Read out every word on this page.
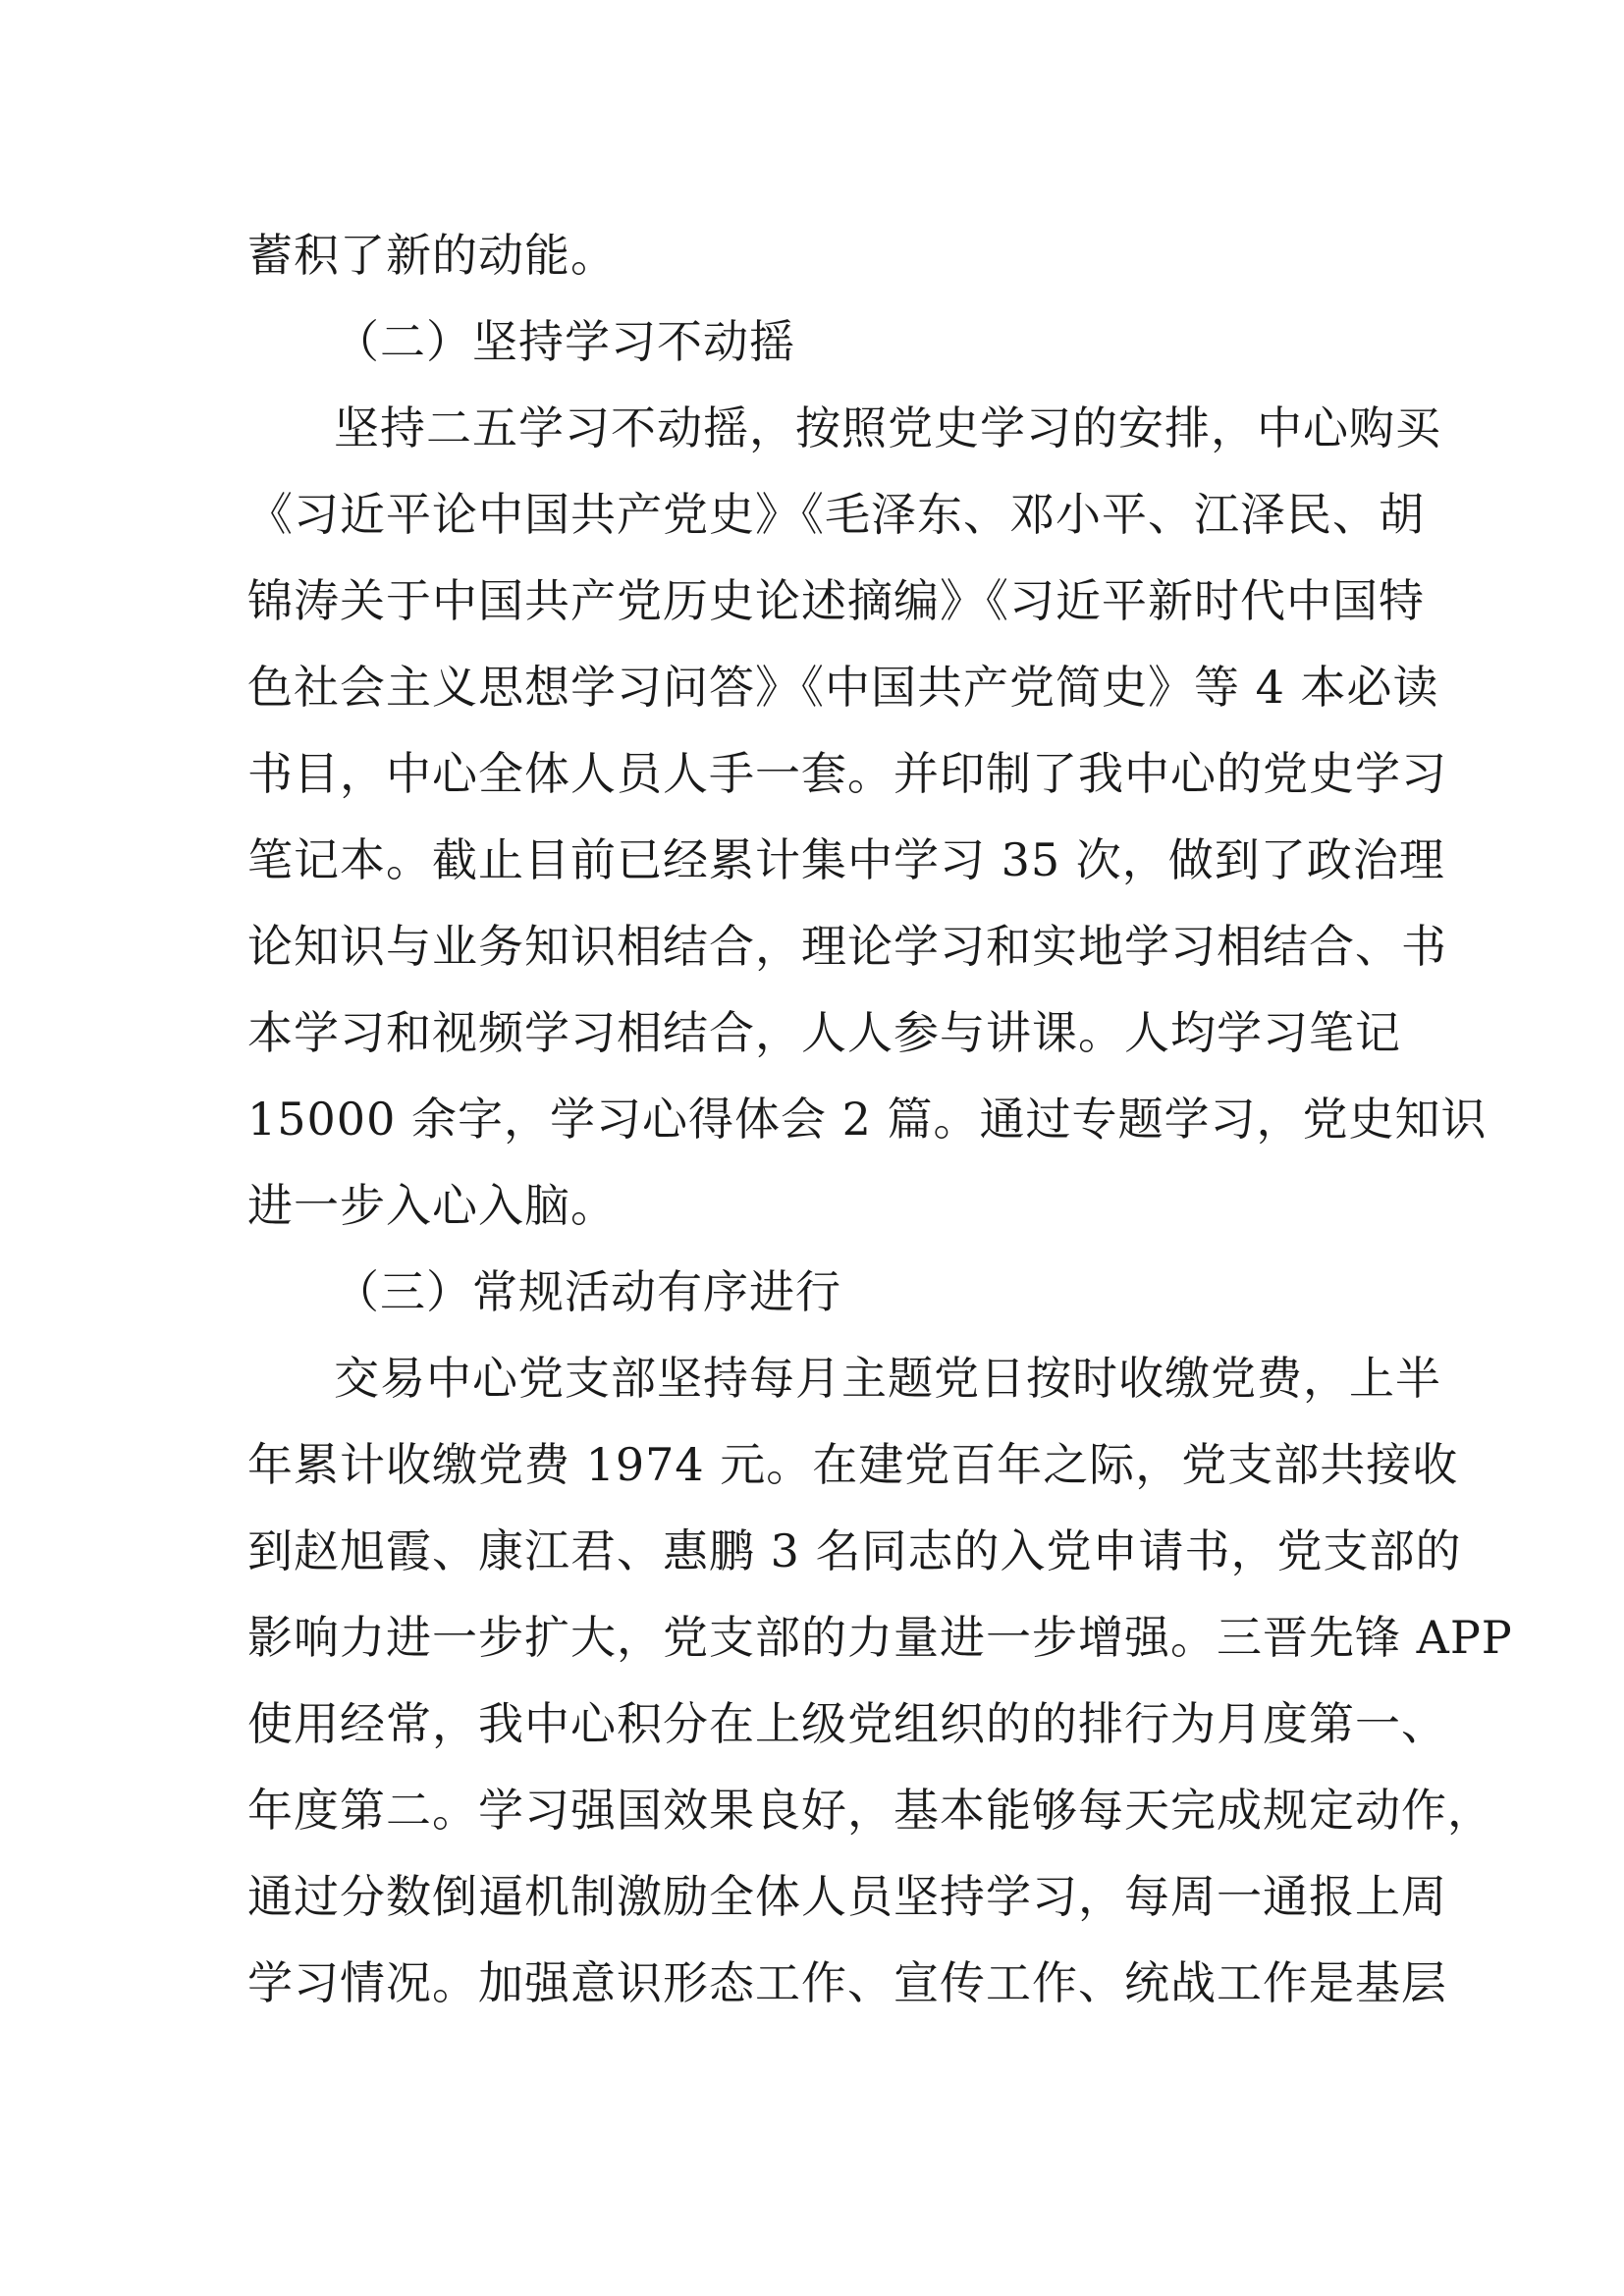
蓄积了新的动能。
（二）坚持学习不动摇
坚持二五学习不动摇，按照党史学习的安排，中心购买
《习近平论中国共产党史》《毛泽东、邓小平、江泽民、胡
锦涛关于中国共产党历史论述摘编》《习近平新时代中国特
色社会主义思想学习问答》《中国共产党简史》等 4 本必读
书目，中心全体人员人手一套。并印制了我中心的党史学习
笔记本。截止目前已经累计集中学习 35 次，做到了政治理
论知识与业务知识相结合，理论学习和实地学习相结合、书
本学习和视频学习相结合，人人参与讲课。人均学习笔记
15000 余字，学习心得体会 2 篇。通过专题学习，党史知识
进一步入心入脑。
（三）常规活动有序进行
交易中心党支部坚持每月主题党日按时收缴党费，上半
年累计收缴党费 1974 元。在建党百年之际，党支部共接收
到赵旭霞、康江君、惠鹏 3 名同志的入党申请书，党支部的
影响力进一步扩大，党支部的力量进一步增强。三晋先锋 APP
使用经常，我中心积分在上级党组织的的排行为月度第一、
年度第二。学习强国效果良好，基本能够每天完成规定动作，
通过分数倒逼机制激励全体人员坚持学习，每周一通报上周
学习情况。加强意识形态工作、宣传工作、统战工作是基层
